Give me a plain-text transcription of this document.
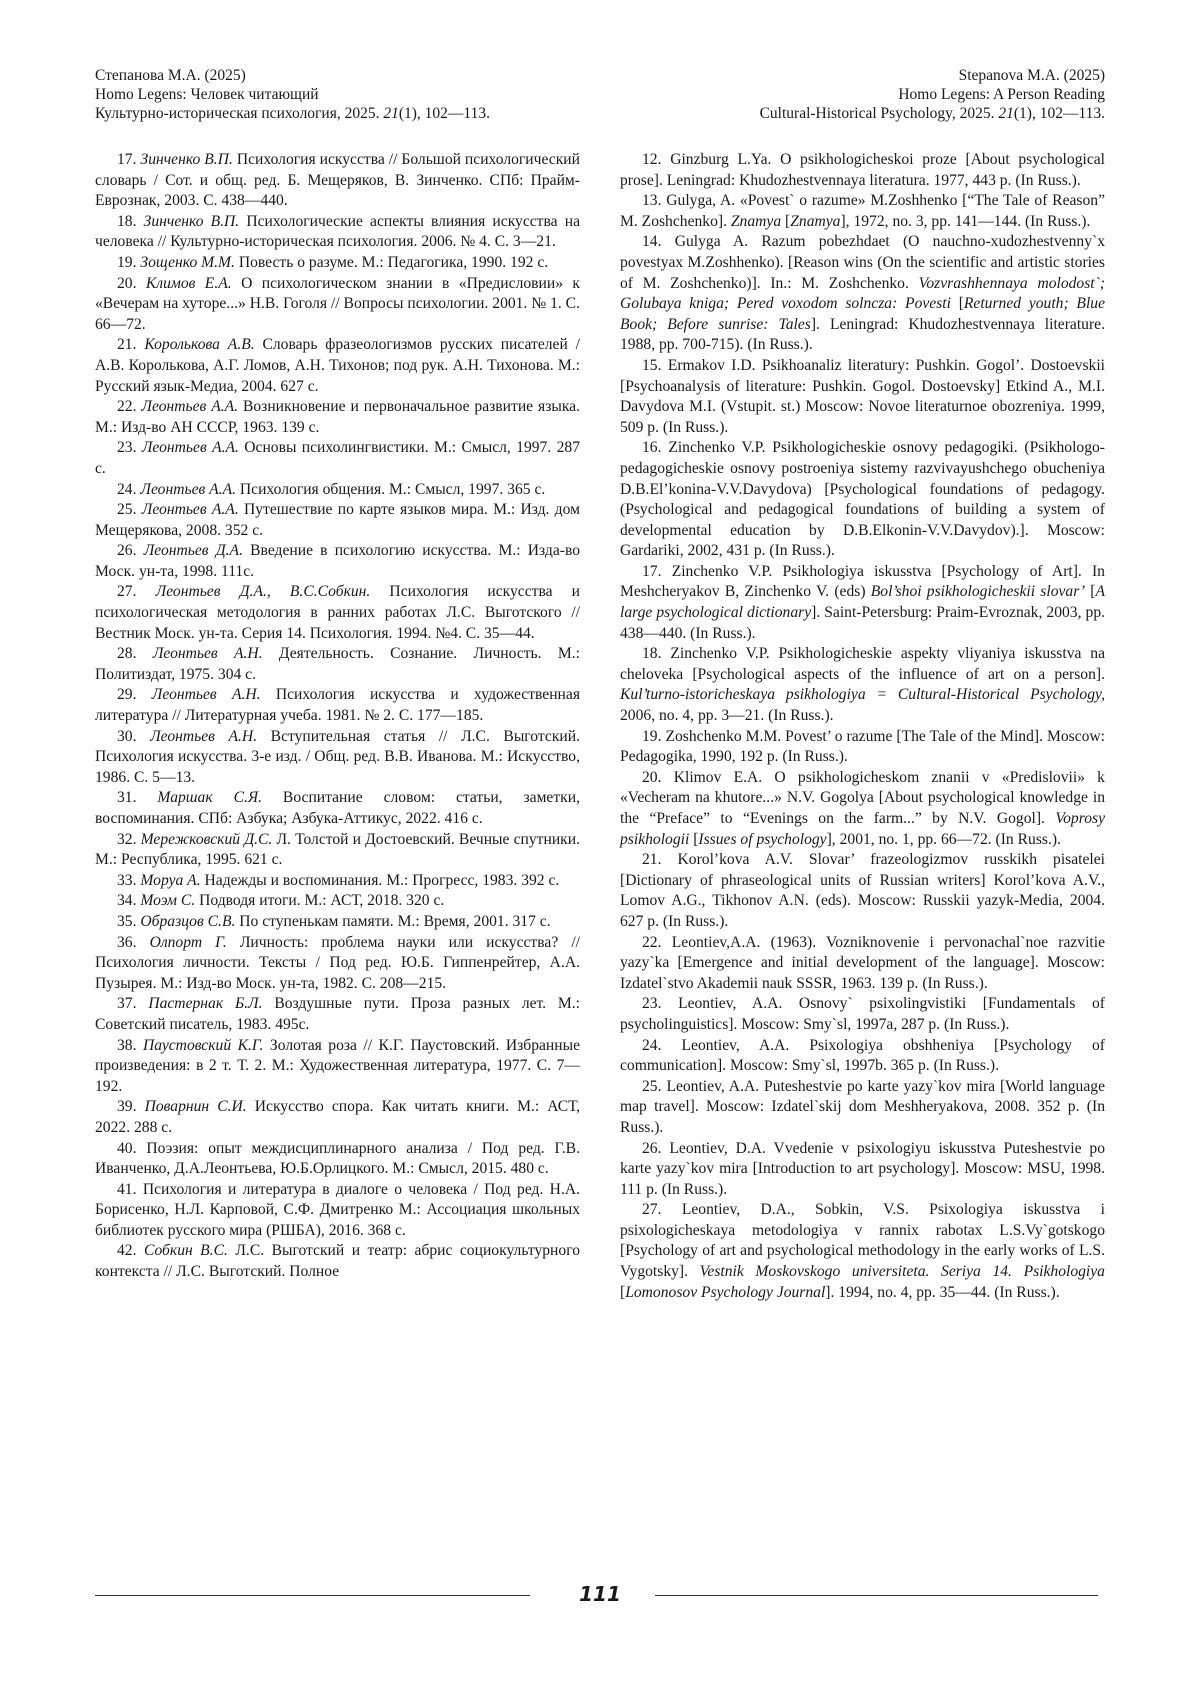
Степанова М.А. (2025)
Homo Legens: Человек читающий
Культурно-историческая психология, 2025. 21(1), 102—113.
Stepanova M.A. (2025)
Homo Legens: A Person Reading
Cultural-Historical Psychology, 2025. 21(1), 102—113.

17. Зинченко В.П. Психология искусства // Большой психологический словарь / Сот. и общ. ред. Б. Мещеряков, В. Зинченко. СПб: Прайм-Еврознак, 2003. С. 438—440.

18. Зинченко В.П. Психологические аспекты влияния искусства на человека // Культурно-историческая психология. 2006. № 4. С. 3—21.

19. Зощенко М.М. Повесть о разуме. М.: Педагогика, 1990. 192 с.

20. Климов Е.А. О психологическом знании в «Предисловии» к «Вечерам на хуторе...» Н.В. Гоголя // Вопросы психологии. 2001. № 1. С. 66—72.

21. Королькова А.В. Словарь фразеологизмов русских писателей /А.В. Королькова, А.Г. Ломов, А.Н. Тихонов; под рук. А.Н. Тихонова. М.: Русский язык-Медиа, 2004. 627 с.

22. Леонтьев А.А. Возникновение и первоначальное развитие языка. М.: Изд-во АН СССР, 1963. 139 с.

23. Леонтьев А.А. Основы психолингвистики. М.: Смысл, 1997. 287 с.

24. Леонтьев А.А. Психология общения. М.: Смысл, 1997. 365 с.

25. Леонтьев А.А. Путешествие по карте языков мира. М.: Изд. дом Мещерякова, 2008. 352 с.

26. Леонтьев Д.А. Введение в психологию искусства. М.: Изда-во Моск. ун-та, 1998. 111с.

27. Леонтьев Д.А., В.С.Собкин. Психология искусства и психологическая методология в ранних работах Л.С. Выготского // Вестник Моск. ун-та. Серия 14. Психология. 1994. №4. С. 35—44.

28. Леонтьев А.Н. Деятельность. Сознание. Личность. М.: Политиздат, 1975. 304 с.

29. Леонтьев А.Н. Психология искусства и художественная литература // Литературная учеба. 1981. № 2. С. 177—185.

30. Леонтьев А.Н. Вступительная статья // Л.С. Выготский. Психология искусства. 3-е изд. / Общ. ред. В.В. Иванова. М.: Искусство, 1986. С. 5—13.

31. Маршак С.Я. Воспитание словом: статьи, заметки, воспоминания. СПб: Азбука; Азбука-Аттикус, 2022. 416 с.

32. Мережковский Д.С. Л. Толстой и Достоевский. Вечные спутники. М.: Республика, 1995. 621 с.

33. Моруа А. Надежды и воспоминания. М.: Прогресс, 1983. 392 с.

34. Моэм С. Подводя итоги. М.: АСТ, 2018. 320 с.

35. Образцов С.В. По ступенькам памяти. М.: Время, 2001. 317 с.

36. Олпорт Г. Личность: проблема науки или искусства? // Психология личности. Тексты / Под ред. Ю.Б. Гиппенрейтер, А.А. Пузырея. М.: Изд-во Моск. ун-та, 1982. С. 208—215.

37. Пастернак Б.Л. Воздушные пути. Проза разных лет. М.: Советский писатель, 1983. 495с.

38. Паустовский К.Г. Золотая роза // К.Г. Паустовский. Избранные произведения: в 2 т. Т. 2. М.: Художественная литература, 1977. С. 7—192.

39. Поварнин С.И. Искусство спора. Как читать книги. М.: АСТ, 2022. 288 с.

40. Поэзия: опыт междисциплинарного анализа / Под ред. Г.В. Иванченко, Д.А.Леонтьева, Ю.Б.Орлицкого. М.: Смысл, 2015. 480 с.

41. Психология и литература в диалоге о человека / Под ред. Н.А. Борисенко, Н.Л. Карповой, С.Ф. Дмитренко М.: Ассоциация школьных библиотек русского мира (РШБА), 2016. 368 с.

42. Собкин В.С. Л.С. Выготский и театр: абрис социокультурного контекста // Л.С. Выготский. Полное

12. Ginzburg L.Ya. O psikhologicheskoi proze [About psychological prose]. Leningrad: Khudozhestvennaya literatura. 1977, 443 p. (In Russ.).

13. Gulyga, A. «Povest` o razume» M.Zoshhenko [“The Tale of Reason” M. Zoshchenko]. Znamya [Znamya], 1972, no. 3, pp. 141—144. (In Russ.).

14. Gulyga A. Razum pobezhdaet (O nauchno-xudozhestvenny`x povestyax M.Zoshhenko). [Reason wins (On the scientific and artistic stories of M. Zoshchenko)]. In.: M. Zoshchenko. Vozvrashhennaya molodost`; Golubaya kniga; Pered voxodom solncza: Povesti [Returned youth; Blue Book; Before sunrise: Tales]. Leningrad: Khudozhestvennaya literature. 1988, pp. 700-715). (In Russ.).

15. Ermakov I.D. Psikhoanaliz literatury: Pushkin. Gogol’. Dostoevskii [Psychoanalysis of literature: Pushkin. Gogol. Dostoevsky] Etkind A., M.I. Davydova M.I. (Vstupit. st.) Moscow: Novoe literaturnoe obozreniya. 1999, 509 p. (In Russ.).

16. Zinchenko V.P. Psikhologicheskie osnovy pedagogiki. (Psikhologo-pedagogicheskie osnovy postroeniya sistemy razvivayushchego obucheniya D.B.El’konina-V.V.Davydova) [Psychological foundations of pedagogy. (Psychological and pedagogical foundations of building a system of developmental education by D.B.Elkonin-V.V.Davydov).]. Moscow: Gardariki, 2002, 431 p. (In Russ.).

17. Zinchenko V.P. Psikhologiya iskusstva [Psychology of Art]. In Meshcheryakov B, Zinchenko V. (eds) Bol’shoi psikhologicheskii slovar’ [A large psychological dictionary]. Saint-Petersburg: Praim-Evroznak, 2003, pp. 438—440. (In Russ.).

18. Zinchenko V.P. Psikhologicheskie aspekty vliyaniya iskusstva na cheloveka [Psychological aspects of the influence of art on a person]. Kul’turno-istoricheskaya psikhologiya = Cultural-Historical Psychology, 2006, no. 4, pp. 3—21. (In Russ.).

19. Zoshchenko M.M. Povest’ o razume [The Tale of the Mind]. Moscow: Pedagogika, 1990, 192 p. (In Russ.).

20. Klimov E.A. O psikhologicheskom znanii v «Predislovii» k «Vecheram na khutore...» N.V. Gogolya [About psychological knowledge in the “Preface” to “Evenings on the farm...” by N.V. Gogol]. Voprosy psikhologii [Issues of psychology], 2001, no. 1, pp. 66—72. (In Russ.).

21. Korol’kova A.V. Slovar’ frazeologizmov russkikh pisatelei [Dictionary of phraseological units of Russian writers] Korol’kova A.V., Lomov A.G., Tikhonov A.N. (eds). Moscow: Russkii yazyk-Media, 2004. 627 p. (In Russ.).

22. Leontiev,A.A. (1963). Vozniknovenie i pervonachal`noe razvitie yazy`ka [Emergence and initial development of the language]. Moscow: Izdatel`stvo Akademii nauk SSSR, 1963. 139 p. (In Russ.).

23. Leontiev, A.A. Osnovy` psixolingvistiki [Fundamentals of psycholinguistics]. Moscow: Smy`sl, 1997a, 287 p. (In Russ.).

24. Leontiev, A.A. Psixologiya obshheniya [Psychology of communication]. Moscow: Smy`sl, 1997b. 365 p. (In Russ.).

25. Leontiev, A.A. Puteshestvie po karte yazy`kov mira [World language map travel]. Moscow: Izdatel`skij dom Meshheryakova, 2008. 352 p. (In Russ.).

26. Leontiev, D.A. Vvedenie v psixologiyu iskusstva Puteshestvie po karte yazy`kov mira [Introduction to art psychology]. Moscow: MSU, 1998. 111 p. (In Russ.).

27. Leontiev, D.A., Sobkin, V.S. Psixologiya iskusstva i psixologicheskaya metodologiya v rannix rabotax L.S.Vy`gotskogo [Psychology of art and psychological methodology in the early works of L.S. Vygotsky]. Vestnik Moskovskogo universiteta. Seriya 14. Psikhologiya [Lomonosov Psychology Journal]. 1994, no. 4, pp. 35—44. (In Russ.).

111
